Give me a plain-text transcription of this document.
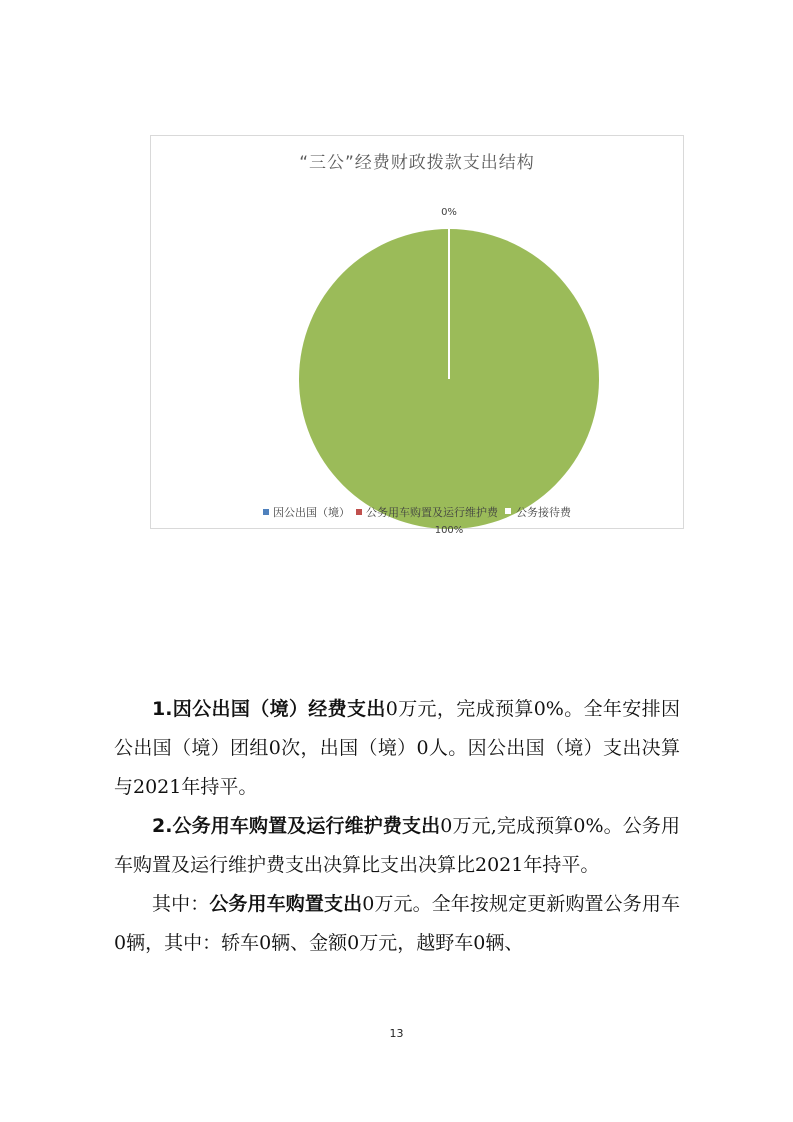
“三公”经费财政拨款支出结构
0%
100%
因公出国（境） 公务用车购置及运行维护费 公务接待费

1.因公出国（境）经费支出0万元，完成预算0%。全年安排因公出国（境）团组0次，出国（境）0人。因公出国（境）支出决算与2021年持平。

2.公务用车购置及运行维护费支出0万元,完成预算0%。公务用车购置及运行维护费支出决算比支出决算比2021年持平。

其中：公务用车购置支出0万元。全年按规定更新购置公务用车0辆，其中：轿车0辆、金额0万元，越野车0辆、

13
